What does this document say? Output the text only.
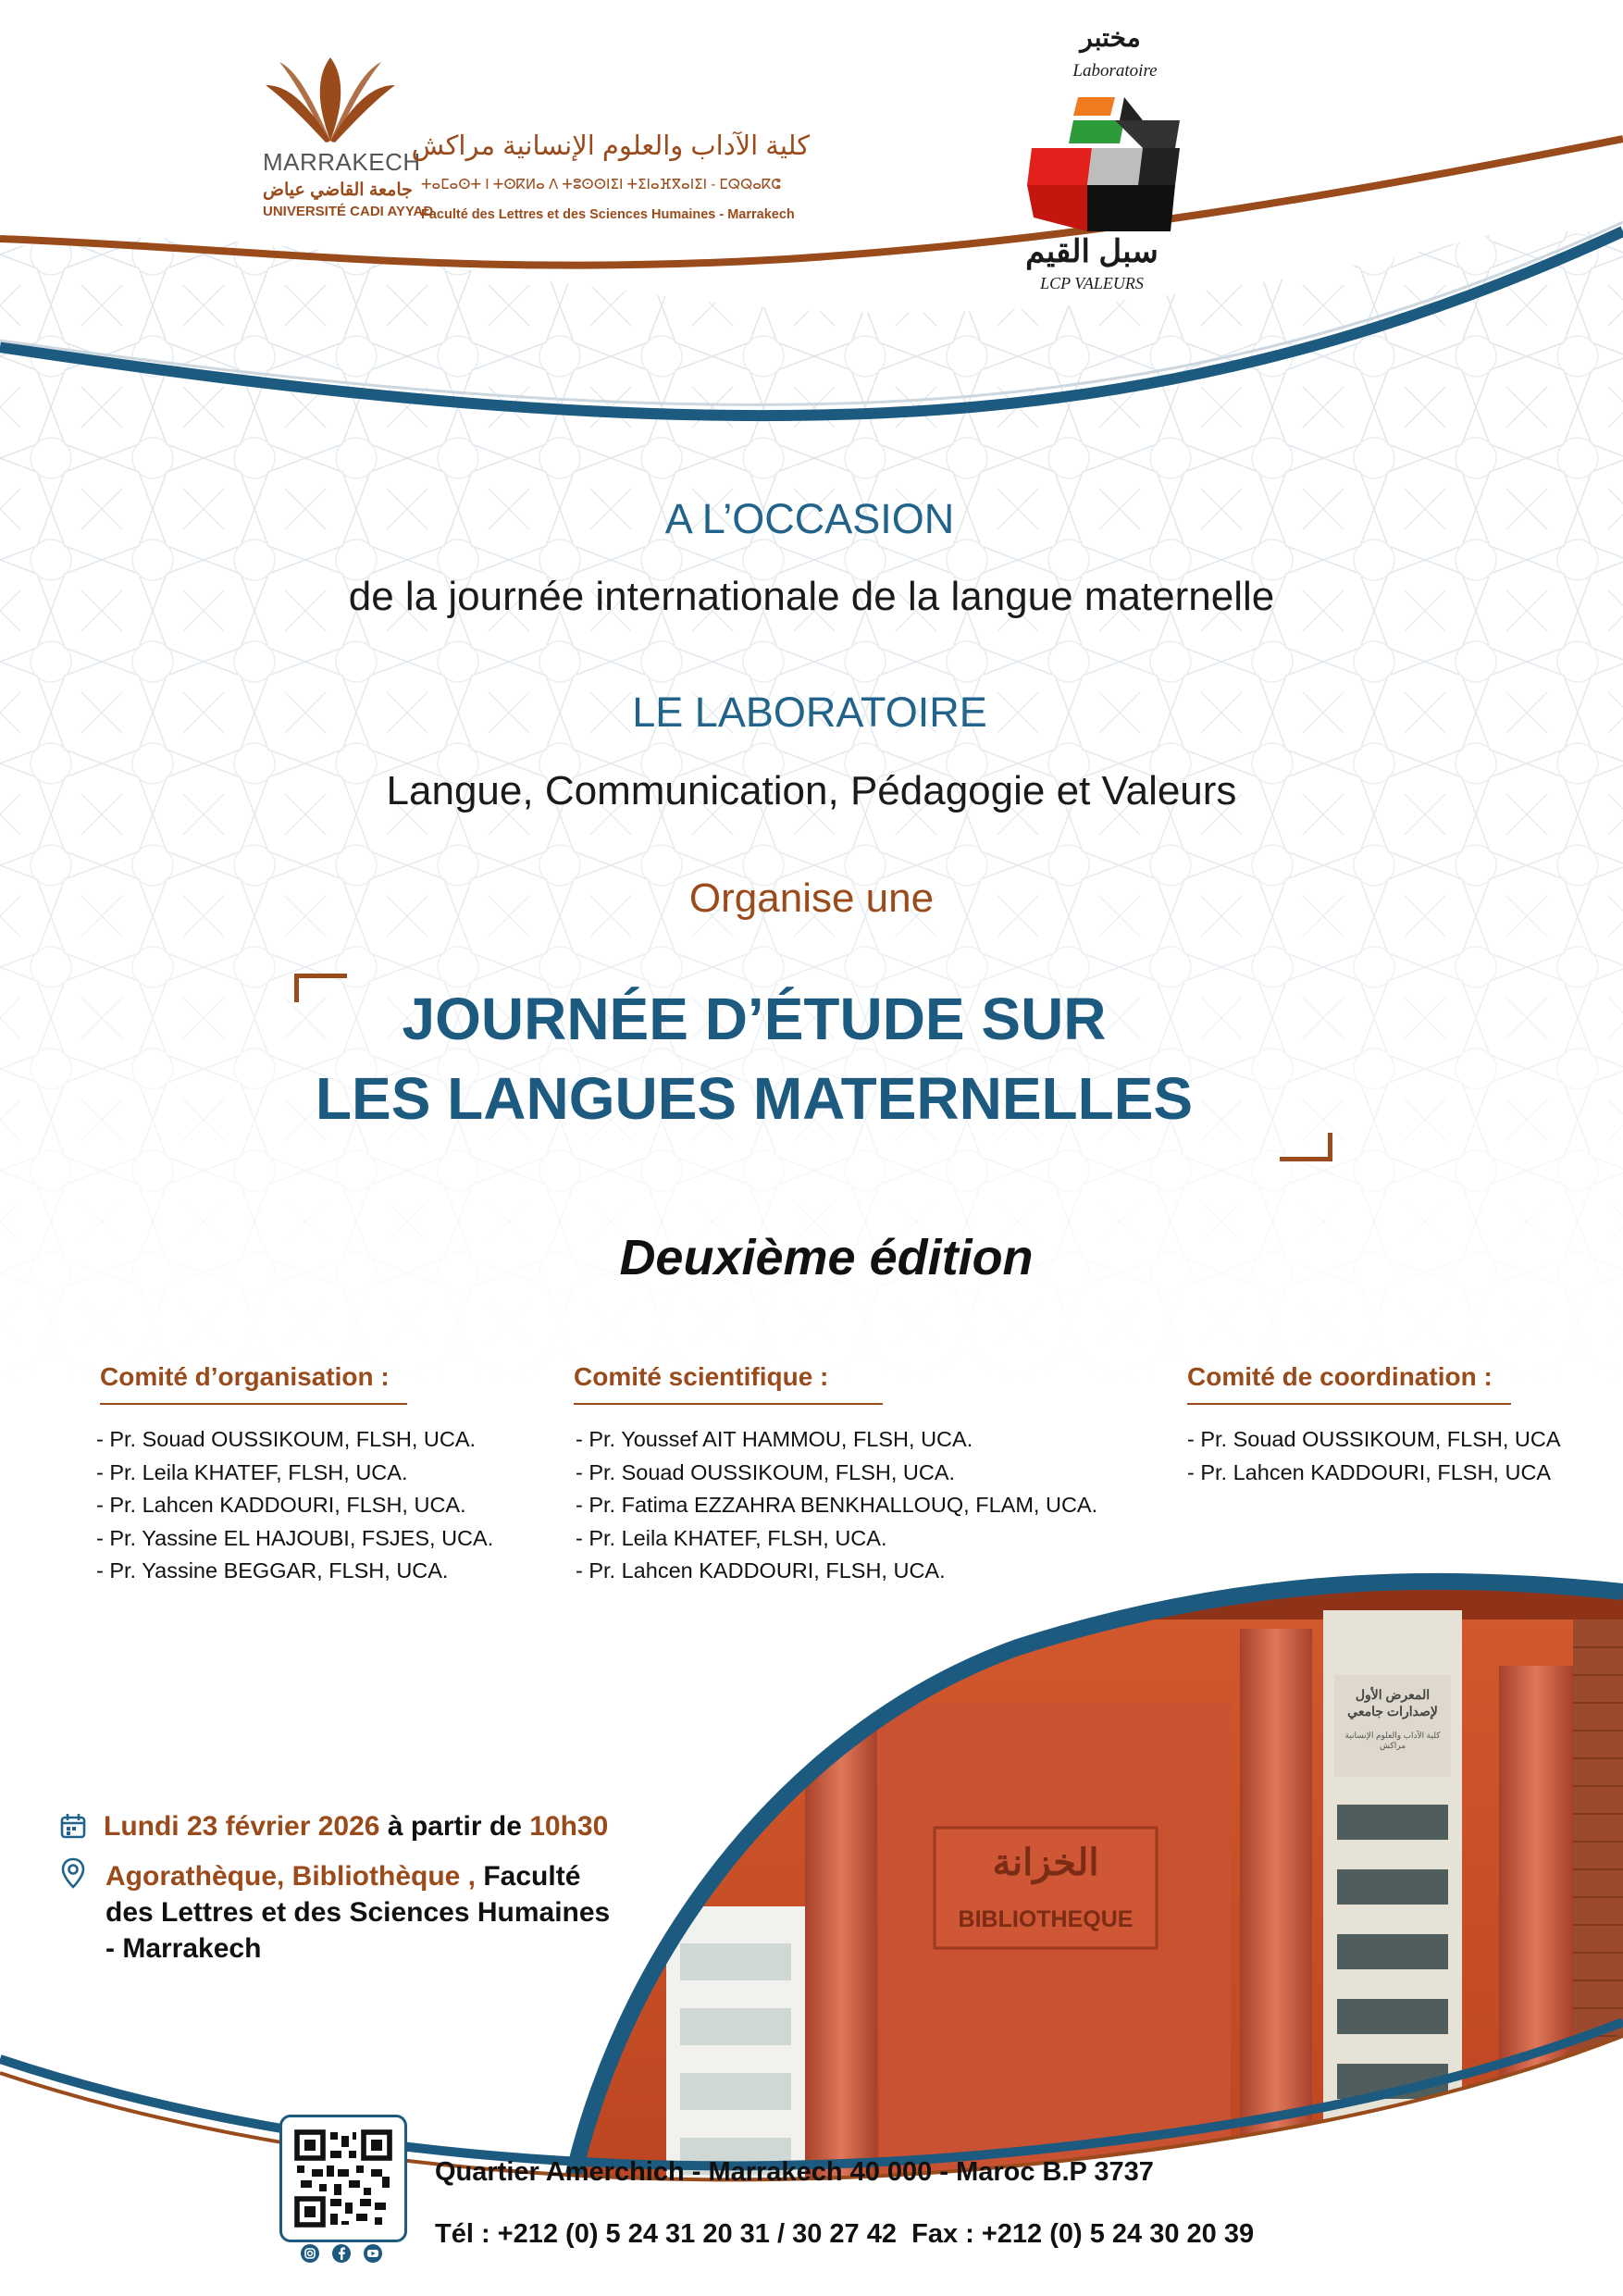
MARRAKECH
جامعة القاضي عياض
UNIVERSITÉ CADI AYYAD
كلية الآداب والعلوم الإنسانية مراكش
ⵜⴰⵎⴰⵙⵜ ⵏ ⵜⵙⴽⵍⴰ ⴷ ⵜⵓⵙⵙⵏⵉⵏ ⵜⵉⵏⴰⴼⴳⴰⵏⵉⵏ - ⵎⵕⵕⴰⴽⵛ
Faculté des Lettres et des Sciences Humaines - Marrakech
مختبر
Laboratoire
سبل القيم
LCP VALEURS
A L’OCCASION
de la journée internationale de la langue maternelle
LE LABORATOIRE
Langue, Communication, Pédagogie et Valeurs
Organise une
JOURNÉE D’ÉTUDE SUR
LES LANGUES MATERNELLES
Deuxième édition
Comité d’organisation :
- Pr. Souad OUSSIKOUM, FLSH, UCA.
- Pr. Leila KHATEF, FLSH, UCA.
- Pr. Lahcen KADDOURI, FLSH, UCA.
- Pr. Yassine EL HAJOUBI, FSJES, UCA.
- Pr. Yassine BEGGAR, FLSH, UCA.
Comité scientifique :
- Pr. Youssef AIT HAMMOU, FLSH, UCA.
- Pr. Souad OUSSIKOUM, FLSH, UCA.
- Pr. Fatima EZZAHRA BENKHALLOUQ, FLAM, UCA.
- Pr. Leila KHATEF, FLSH, UCA.
- Pr. Lahcen KADDOURI, FLSH, UCA.
Comité de coordination :
- Pr. Souad OUSSIKOUM, FLSH, UCA
- Pr. Lahcen KADDOURI, FLSH, UCA
الخزانة
BIBLIOTHEQUE
المعرض الأول لإصدارات جامعي
كلية الآداب والعلوم الإنسانية مراكش
Lundi 23 février 2026 à partir de 10h30
Agorathèque, Bibliothèque , Faculté
des Lettres et des Sciences Humaines
- Marrakech
Quartier Amerchich - Marrakech 40 000 - Maroc B.P 3737
Tél : +212 (0) 5 24 31 20 31 / 30 27 42  Fax : +212 (0) 5 24 30 20 39
